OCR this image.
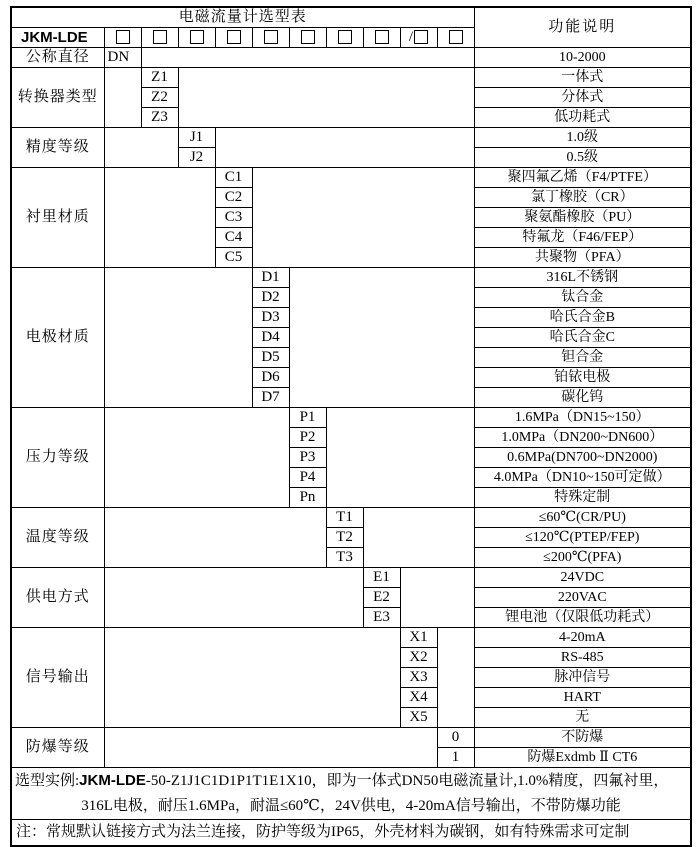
电磁流量计选型表											功能说明
JKM-LDE									/		
公称直径	DN										10-2000
转换器类型		Z1									一体式
		Z2									分体式
		Z3									低功耗式
精度等级			J1								1.0级
			J2								0.5级
衬里材质				C1							聚四氟乙烯（F4/PTFE）
				C2							氯丁橡胶（CR）
				C3							聚氨酯橡胶（PU）
				C4							特氟龙（F46/FEP）
				C5							共聚物（PFA）
电极材质					D1						316L不锈钢
					D2						钛合金
					D3						哈氏合金B
					D4						哈氏合金C
					D5						钽合金
					D6						铂铱电极
					D7						碳化钨
压力等级						P1					1.6MPa（DN15~150）
						P2					1.0MPa（DN200~DN600）
						P3					0.6MPa(DN700~DN2000)
						P4					4.0MPa（DN10~150可定做）
						Pn					特殊定制
温度等级							T1				≤60℃(CR/PU)
							T2				≤120℃(PTEP/FEP)
							T3				≤200℃(PFA)
供电方式								E1			24VDC
								E2			220VAC
								E3			锂电池（仅限低功耗式）
信号输出									X1		4-20mA
									X2		RS-485
									X3		脉冲信号
									X4		HART
									X5		无
防爆等级										0	不防爆
										1	防爆Exdmb Ⅱ CT6

选型实例:JKM-LDE-50-Z1J1C1D1P1T1E1X10，即为一体式DN50电磁流量计,1.0%精度，四氟衬里，
316L电极，耐压1.6MPa，耐温≤60℃，24V供电，4-20mA信号输出，不带防爆功能											

注：常规默认链接方式为法兰连接，防护等级为IP65，外壳材料为碳钢，如有特殊需求可定制											
